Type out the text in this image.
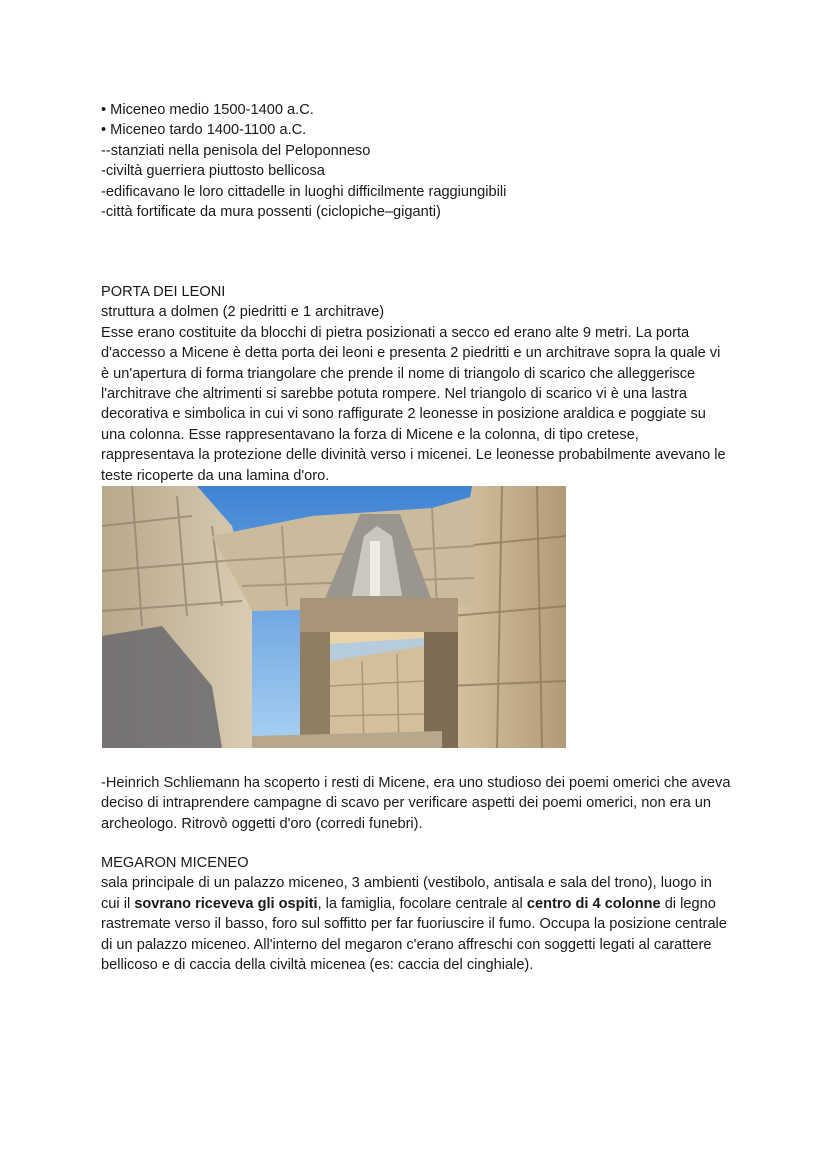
• Miceneo medio 1500-1400 a.C.

• Miceneo tardo 1400-1100 a.C.

--stanziati nella penisola del Peloponneso

-civiltà guerriera piuttosto bellicosa

-edificavano le loro cittadelle in luoghi difficilmente raggiungibili

-città fortificate da mura possenti (ciclopiche–giganti)

PORTA DEI LEONI

struttura a dolmen (2 piedritti e 1 architrave)

Esse erano costituite da blocchi di pietra posizionati a secco ed erano alte 9 metri. La porta d'accesso a Micene è detta porta dei leoni e presenta 2 piedritti e un architrave sopra la quale vi è un'apertura di forma triangolare che prende il nome di triangolo di scarico che alleggerisce l'architrave che altrimenti si sarebbe potuta rompere. Nel triangolo di scarico vi è una lastra decorativa e simbolica in cui vi sono raffigurate 2 leonesse in posizione araldica e poggiate su una colonna. Esse rappresentavano la forza di Micene e la colonna, di tipo cretese, rappresentava la protezione delle divinità verso i micenei. Le leonesse probabilmente avevano le teste ricoperte da una lamina d'oro.

-Heinrich Schliemann ha scoperto i resti di Micene, era uno studioso dei poemi omerici che aveva deciso di intraprendere campagne di scavo per verificare aspetti dei poemi omerici, non era un archeologo. Ritrovò oggetti d'oro (corredi funebri).

MEGARON MICENEO

sala principale di un palazzo miceneo, 3 ambienti (vestibolo, antisala e sala del trono), luogo in cui il sovrano riceveva gli ospiti, la famiglia, focolare centrale al centro di 4 colonne di legno rastremate verso il basso, foro sul soffitto per far fuoriuscire il fumo. Occupa la posizione centrale di un palazzo miceneo. All'interno del megaron c'erano affreschi con soggetti legati al carattere bellicoso e di caccia della civiltà micenea (es: caccia del cinghiale).
